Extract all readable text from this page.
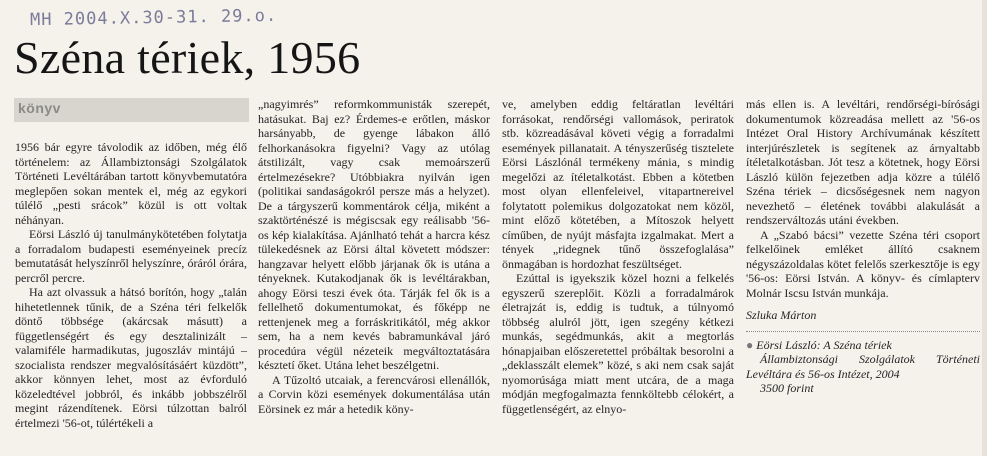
MH 2004.X.30-31. 29.o.
Széna tériek, 1956
könyv

1956 bár egyre távolodik az időben, még élő történelem: az Állambiztonsági Szolgálatok Történeti Levéltárában tartott könyvbemutatóra meglepően sokan mentek el, még az egykori túlélő „pesti srácok” közül is ott voltak néhányan.

Eörsi László új tanulmánykötetében folytatja a forradalom budapesti eseményeinek precíz bemutatását helyszínről helyszínre, óráról órára, percről percre.

Ha azt olvassuk a hátsó borítón, hogy „talán hihetetlennek tűnik, de a Széna téri felkelők döntő többsége (akárcsak másutt) a függetlenségért és egy desztalinizált – valamiféle harmadikutas, jugoszláv mintájú – szocialista rendszer megvalósításáért küzdött”, akkor könnyen lehet, most az évforduló közeledtével jobbról, és inkább jobbszélről megint rázendítenek. Eörsi túlzottan balról értelmezi '56-ot, túlértékeli a

„nagyimrés” reformkommunisták szerepét, hatásukat. Baj ez? Érdemes-e erőtlen, máskor harsányabb, de gyenge lábakon álló felhorkanásokra figyelni? Vagy az utólag átstilizált, vagy csak memoárszerű értelmezésekre? Utóbbiakra nyilván igen (politikai sandaságokról persze más a helyzet). De a tárgyszerű kommentárok célja, miként a szaktörténészé is mégiscsak egy reálisabb '56-os kép kialakítása. Ajánlható tehát a harcra kész tülekedésnek az Eörsi által követett módszer: hangzavar helyett előbb járjanak ők is utána a tényeknek. Kutakodjanak ők is levéltárakban, ahogy Eörsi teszi évek óta. Tárják fel ők is a fellelhető dokumentumokat, és főképp ne rettenjenek meg a forráskritikától, még akkor sem, ha a nem kevés babramunkával járó procedúra végül nézeteik megváltoztatására késztetí őket. Utána lehet beszélgetni.

A Tűzoltó utcaiak, a ferencvárosi ellenállók, a Corvin közi események dokumentálása után Eörsinek ez már a hetedik köny-

ve, amelyben eddig feltáratlan levéltári forrásokat, rendőrségi vallomások, periratok stb. közreadásával követi végig a forradalmi események pillanatait. A tényszerűség tisztelete Eörsi Lászlónál termékeny mánia, s mindig megelőzi az ítéletalkotást. Ebben a kötetben most olyan ellenfeleivel, vitapartnereivel folytatott polemikus dolgozatokat nem közöl, mint előző kötetében, a Mítoszok helyett címűben, de nyújt másfajta izgalmakat. Mert a tények „ridegnek tűnő összefoglalása” önmagában is hordozhat feszültséget.

Ezúttal is igyekszik közel hozni a felkelés egyszerű szereplőit. Közli a forradalmárok életrajzát is, eddig is tudtuk, a túlnyomó többség alulról jött, igen szegény kétkezi munkás, segédmunkás, akit a megtorlás hónapjaiban előszeretettel próbáltak besorolni a „deklasszált elemek” közé, s aki nem csak saját nyomorúsága miatt ment utcára, de a maga módján megfogalmazta fennköltebb célokért, a függetlenségért, az elnyo-

más ellen is. A levéltári, rendőrségi-bírósági dokumentumok közreadása mellett az '56-os Intézet Oral History Archívumának készített interjúrészletek is segítenek az árnyaltabb ítéletalkotásban. Jót tesz a kötetnek, hogy Eörsi László külön fejezetben adja közre a túlélő Széna tériek – dicsőségesnek nem nagyon nevezhető – életének további alakulását a rendszerváltozás utáni években.

A „Szabó bácsi” vezette Széna téri csoport felkelőinek emléket állító csaknem négyszázoldalas kötet felelős szerkesztője is egy '56-os: Eörsi István. A könyv- és címlapterv Molnár Iscsu István munkája.

Szluka Márton

● Eörsi László: A Széna tériek

Állambiztonsági Szolgálatok Történeti Levéltára és 56-os Intézet, 2004

3500 forint
